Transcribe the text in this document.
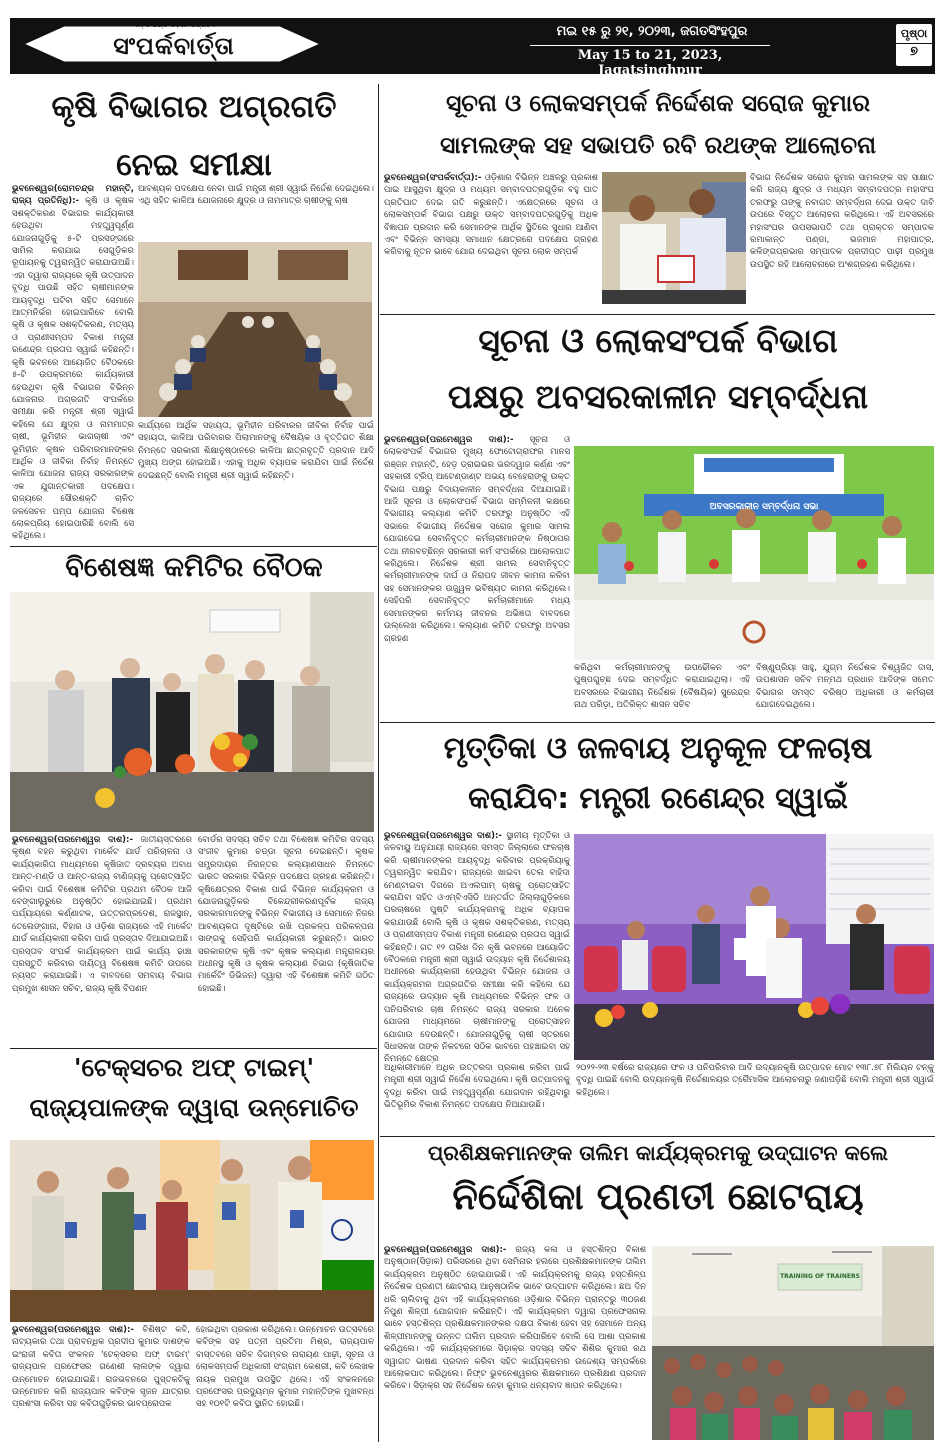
ଏମ୍ ଓ ଅଣ୍ଡ ଓଡ଼ିଶା ସାପ୍ତାହିକ
ସଂପର୍କବାର୍ତ୍ତା
ମଇ ୧୫ ରୁ ୨୧, ୨୦୨୩, ଜଗତସିଂହପୁର
May 15 to 21, 2023, Jagatsinghpur
ପୃଷ୍ଠା
୭
କୃଷି ବିଭାଗର ଅଗ୍ରଗତି
ନେଇ ସମୀକ୍ଷା
ଭୁବନେଶ୍ୱର(ରୋମଚନ୍ଦ୍ର ମହାନ୍ତି, ରାଜ୍ୟ ପ୍ରତିନିଧି):- କୃଷି ଓ କୃଷକ ସଶକ୍ତିକରଣ ବିଭାଗର କାର୍ଯ୍ୟକାରୀ ହେଉଥିବା ମହତ୍ତ୍ୱପୂର୍ଣ୍ଣ ଯୋଜନାଗୁଡ଼ିକୁ ୫-ଟି ପ୍ରସଙ୍ଗରେ ସାମିଲ କରାଯାଇ ସେଗୁଡ଼ିକର ରୂପାୟନକୁ ତ୍ୱରାନ୍ୱିତ କରାଯାଉଅଛି। ଏହା ଦ୍ୱାରା ରାଜ୍ୟରେ କୃଷି ଉତ୍ପାଦନ ବୃଦ୍ଧି ପାଉଛି ସହିତ ଚାଷୀମାନଙ୍କ ଆୟବୃଦ୍ଧି ଘଟିବା ସହିତ ସେମାନେ ଆତ୍ମନିର୍ଭର ହୋଇପାରିବେ ବୋଲି କୃଷି ଓ କୃଷକ ସଶକ୍ତିକରଣ, ମତ୍ସ୍ୟ ଓ ପ୍ରାଣୀସମ୍ପଦ ବିକାଶ ମନ୍ତ୍ରୀ ରଣେନ୍ଦ୍ର ପ୍ରତାପ ସ୍ୱାଇଁ କହିଛନ୍ତି। କୃଷି ଭବନରେ ଆୟୋଜିତ ବୈଠକରେ ୫-ଟି ଉପକ୍ରମରେ କାର୍ଯ୍ୟକାରୀ ହେଉଥିବା କୃଷି ବିଭାଗର ବିଭିନ୍ନ ଯୋଜନାର ଅଗ୍ରଗତି ସଂପର୍କରେ ସମୀକ୍ଷା କରି ମନ୍ତ୍ରୀ ଶ୍ରୀ ସ୍ୱାଇଁ କହିଲେ ଯେ କ୍ଷୁଦ୍ର ଓ ନାମମାତ୍ର ଚାଷୀ, ଭୂମିହୀନ ଭାଗଚାଷୀ ଏବଂ ଭୂମିହୀନ କୃଷକ ପରିବାରମାନଙ୍କର ଆର୍ଥିକ ଓ ଜୀବିକା ନିର୍ବାହ ନିମନ୍ତେ କାଳିଆ ଯୋଜନା ରାଜ୍ୟ ସରକାରଙ୍କ ଏକ ଯୁଗାନ୍ତକାରୀ ପଦକ୍ଷେପ। ରାଜ୍ୟରେ ସୌରଶକ୍ତି ଚାଳିତ ଜଳସେଚନ ପମ୍ପ ଯୋଜନା ବିଶେଷ ଲୋକପ୍ରିୟ ହୋଇପାରିଛି ବୋଲି ସେ କହିଥିଲେ।
ଆବଶ୍ୟକ ପଦକ୍ଷେପ ନେବା ପାଇଁ ମନ୍ତ୍ରୀ ଶ୍ରୀ ସ୍ୱାଇଁ ନିର୍ଦ୍ଦେଶ ଦେଇଥିଲେ। ଏଥି ସହିତ କାଳିଆ ଯୋଜନାରେ କ୍ଷୁଦ୍ର ଓ ନାମମାତ୍ର ଚାଷୀଙ୍କୁ ଚାଷ
କାର୍ଯ୍ୟରେ ଆର୍ଥିକ ସହାୟତା, ଭୂମିହୀନ ପରିବାରର ଜୀବିକା ନିର୍ବାହ ପାଇଁ ସହାୟତା, କାଳିଆ ପରିବାରର ପିଲାମାନଙ୍କୁ ବୈଷୟିକ ଓ ବୃତ୍ତିଗତ ଶିକ୍ଷା ନିମନ୍ତେ ସରକାରୀ ଶିକ୍ଷାନୁଷ୍ଠାନରେ କାଳିଆ ଛାତ୍ରବୃତ୍ତି ପ୍ରଦାନ ଆଦି ମୁଖ୍ୟ ଅଙ୍ଗ ହୋଇଅଛି। ଏହାକୁ ଅଧିକ ବ୍ୟାପକ କରାଯିବା ପାଇଁ ନିର୍ଦ୍ଦେଶ ଦେଇଛନ୍ତି ବୋଲି ମନ୍ତ୍ରୀ ଶ୍ରୀ ସ୍ୱାଇଁ କହିଛନ୍ତି।
ବିଶେଷଜ୍ଞ କମିଟିର ବୈଠକ
ଭୁବନେଶ୍ୱର(ପରମେଶ୍ୱର ଦାଶ):- ଜାତୀୟସ୍ତରରେ କୃଷ୍ଣ ବହନ କରୁଥିବା ମାର୍କେଟ ଯାର୍ଡ ପରିଚାଳନା ଓ କାର୍ଯ୍ୟକାରିତା ମାଧ୍ୟମରେ କୃଷିଜାତ ଦ୍ରବ୍ୟର ଅବାଧ ଆନ୍ତ-ମଣ୍ଡି ଓ ଆନ୍ତ-ରାଜ୍ୟ ବାଣିଜ୍ୟକୁ ପ୍ରୋତ୍ସାହିତ କରିବା ପାଇଁ ବିଶେଷଜ୍ଞ କମିଟିର ପ୍ରଥମ ବୈଠକ ଆଜି ବେଙ୍ଗାଲୁରୁରେ ଅନୁଷ୍ଠିତ ହୋଇଯାଇଛି। ପ୍ରଥମ ପର୍ଯ୍ୟାୟରେ କର୍ଣ୍ଣାଟକ, ଉତ୍ତରପ୍ରଦେଶ, ରାଜସ୍ଥାନ, ତେଲେଙ୍ଗାନା, ବିହାର ଓ ଓଡ଼ିଶା ରାଜ୍ୟରେ ଏହି ମାର୍କେଟ ଯାର୍ଡ କାର୍ଯ୍ୟକାରୀ କରିବା ପାଇଁ ପ୍ରସ୍ତାବ ଦିଆଯାଇଅଛି। ପ୍ରସ୍ତାବ ସଂପର୍କ କାର୍ଯ୍ୟକ୍ରମ ପାଇଁ କାର୍ଯ୍ୟ ଢାଞ୍ଚା ପ୍ରସ୍ତୁତି କରିବାର ଦାୟିତ୍ୱ ବିଶେଷଜ୍ଞ କମିଟି ଉପରେ ନ୍ୟସ୍ତ କରାଯାଇଛି। ଏ ବାବଦରେ ସମବାୟ ବିଭାଗ ପ୍ରମୁଖ ଶାସନ ସଚିବ, ରାଜ୍ୟ କୃଷି ବିପଣନ
ବୋର୍ଡର ସଦସ୍ୟ ସଚିବ ତଥା ବିଶେଷଜ୍ଞ କମିଟିର ସଦସ୍ୟ ସଂଜୀବ କୁମାର ଚଡ୍ଡା ସୂଚନା ଦେଇଛନ୍ତି। କୃଷକ ସମ୍ପ୍ରଦାୟର ନିରନ୍ତର କଲ୍ୟାଣସାଧନ ନିମନ୍ତେ ଭାରତ ସରକାର ବିଭିନ୍ନ ପଦକ୍ଷେପ ଗ୍ରହଣ କରିଛନ୍ତି। କୃଷିକ୍ଷେତ୍ରର ବିକାଶ ପାଇଁ ବିଭିନ୍ନ କାର୍ଯ୍ୟକ୍ରମ ଓ ଯୋଜନାଗୁଡ଼ିକର ବିକେନ୍ଦ୍ରୀକରଣପୂର୍ବକ ରାଜ୍ୟ ସରକାରମାନଙ୍କୁ ବିଭିନ୍ନ ବିଭାଗୀୟ ଓ ସେମାନେ ନିଜର ଆବଶ୍ୟକତା ଦୃଷ୍ଟିରେ ରଖି ପ୍ରକଳ୍ପ ପରିକଳ୍ପନା ସାଙ୍ଗକୁ ସେହିପରି କାର୍ଯ୍ୟକାରୀ କରୁଛନ୍ତି। ଭାରତ ସରକାରଙ୍କ କୃଷି ଏବଂ କୃଷକ କଲ୍ୟାଣ ମନ୍ତ୍ରାଳୟର ଅଧୀନସ୍ଥ କୃଷି ଓ କୃଷକ କଲ୍ୟାଣ ବିଭାଗ (କୃଷିଜାତିକ ମାର୍କେଟିଂ ଡିଭିଜନ) ଦ୍ୱାରା ଏହି ବିଶେଷଜ୍ଞ କମିଟି ଗଠିତ ହୋଇଛି।
'ଟେକ୍ସଚର ଅଫ୍ ଟାଇମ୍'
ରାଜ୍ୟପାଳଙ୍କ ଦ୍ୱାରା ଉନ୍ମୋଚିତ
ଭୁବନେଶ୍ୱର(ପରମେଶ୍ୱର ଦାଶ):- ବିଶିଷ୍ଟ କବି, ନାଟ୍ୟକାର ତଥା ପ୍ରାବନ୍ଧିକ ପ୍ରଦୀପ କୁମାର ଦାଶଙ୍କ ଇଂରାଜୀ କବିତା ସଂକଳନ 'ଟେକ୍ସଚର ଅଫ୍ ଟାଇମ୍' ରାଜ୍ୟପାଳ ପ୍ରଫେସର ଗଣେଶୀ ଲାଲଙ୍କ ଦ୍ୱାରା ଉନ୍ମୋଚନ ହୋଇଯାଇଛି। ରାଜଭବନରେ ପୁସ୍ତକଟିକୁ ଉନ୍ମୋଚନ କରି ରାଜ୍ୟପାଳ କବିଙ୍କ ସୃଜନ ଯାତ୍ରାର ପ୍ରଶଂସା କରିବା ସହ କବିତାଗୁଡ଼ିକର ଭାବପ୍ରୋପକ
ହୋଇଥିବା ପ୍ରକାଶ କରିଥିଲେ। ଉନ୍ମୋଚନ ଉତ୍ସବରେ କବିଙ୍କ ସହ ପତ୍ନୀ ପ୍ରତିମା ମିଶ୍ର, ରାଜ୍ୟପାଳ ବାସ୍ତବରେ ସଚିବ ଦିଗମ୍ବର ନାରାୟଣ ପାଢ଼ୀ, ସୂଚନା ଓ ଲୋକସମ୍ପର୍କ ଅଧିକାରୀ ସଂଗ୍ରାମ କେଶରୀ, କବି ଲେଖକ ନାୟକ ପ୍ରମୁଖ ଉପସ୍ଥିତ ଥିଲେ। ଏହି ସଂକଳନରେ ପ୍ରଫେସର ପ୍ରଦ୍ୟୁମ୍ନ କୁମାର ମହାନ୍ତିଙ୍କ ମୁଖବନ୍ଧ ସହ ୧୦୧ଟି କବିତା ସ୍ଥାନିତ ହୋଇଛି।
ସୂଚନା ଓ ଲୋକସମ୍ପର୍କ ନିର୍ଦ୍ଦେଶକ ସରୋଜ କୁମାର
ସାମଲଙ୍କ ସହ ସଭାପତି ରବି ରଥଙ୍କ ଆଲୋଚନା
ଭୁବନେଶ୍ୱର(ସଂପର୍କବାର୍ତ୍ତା):- ଓଡ଼ିଶାର ବିଭିନ୍ନ ଅଞ୍ଚଳରୁ ପ୍ରକାଶ ପାଇ ଆସୁଥିବା କ୍ଷୁଦ୍ର ଓ ମଧ୍ୟମ ସମ୍ବାଦପତ୍ରଗୁଡ଼ିକ ବହୁ ଘାତ ପ୍ରତିଘାତ ଦେଇ ଗତି କରୁଛନ୍ତି। ଏକ୍ଷେତ୍ରରେ ସୂଚନା ଓ ଲୋକସମ୍ପର୍କ ବିଭାଗ ପକ୍ଷରୁ ଉକ୍ତ ସମ୍ବାଦପତ୍ରଗୁଡ଼ିକୁ ଅଧିକ ବିଜ୍ଞାପନ ପ୍ରଦାନ କରି ସେମାନଙ୍କ ଆର୍ଥିକ ସ୍ଥିତିରେ ସୁଧାର ଆଣିବା ଏବଂ ବିଭିନ୍ନ ସମସ୍ୟା ସମାଧାନ କ୍ଷେତ୍ରରେ ପଦକ୍ଷେପ ଗ୍ରହଣ କରିବାକୁ ନୂତନ ଭାବେ ଯୋଗ ଦେଇଥିବା ସୂଚନା ଲୋକ ସମ୍ପର୍କ
ବିଭାଗ ନିର୍ଦ୍ଦେଶକ ସରୋଜ କୁମାର ସାମଲଙ୍କ ସହ ସାକ୍ଷାତ କରି ରାଜ୍ୟ କ୍ଷୁଦ୍ର ଓ ମଧ୍ୟମ ସମ୍ବାଦପତ୍ର ମହାସଂଘ ତରଫରୁ ତାଙ୍କୁ ନବାଗତ ସମ୍ବର୍ଦ୍ଧନା ଦେଇ ଉକ୍ତ ଦାବି ଉପରେ ବିସ୍ତୃତ ଆଲୋଚନା କରିଥିଲେ। ଏହି ଅବସରରେ ମହାସଂଘର ଉପସଭାପତି ତଥା ପ୍ରାକ୍ତନ ସମ୍ପାଦକ ରମାକାନ୍ତ ପଣ୍ଡା, ଭଜମାନ ମହାପାତ୍ର, କଳିଙ୍ଗପ୍ରଭାର ସମ୍ପାଦକ ପ୍ରଦୀପ୍ତ ପାଢ଼ୀ ପ୍ରମୁଖ ଉପସ୍ଥିତ ରହି ଆଲୋଚନାରେ ଅଂଶଗ୍ରହଣ କରିଥିଲେ।
ସୂଚନା ଓ ଲୋକସଂପର୍କ ବିଭାଗ
ପକ୍ଷରୁ ଅବସରକାଳୀନ ସମ୍ବର୍ଦ୍ଧନା
ଭୁବନେଶ୍ୱର(ପରମେଶ୍ୱର ଦାଶ):- ସୂଚନା ଓ ଲୋକସଂପର୍କ ବିଭାଗର ମୁଖ୍ୟ ଫୋଟୋଗ୍ରାଫର ମାନସ ରଞ୍ଜନ ମହାନ୍ତି, ହେଡ଼ ଡ୍ରାଇଭର ଭରଦ୍ୱାଜ କର୍ଣ୍ଣ ଏବଂ ସହକାରୀ ଟ୍ରିପ୍ ଆଟେଣ୍ଡାଣ୍ଟ ଅଭୟ ବେହେରାଙ୍କୁ ଉକ୍ତ ବିଭାଗ ପକ୍ଷରୁ ବିଦାୟକାଳୀନ ସମ୍ବର୍ଦ୍ଧନା ଦିଆଯାଇଛି। ଆଜି ସୂଚନା ଓ ଲୋକସଂପର୍କ ବିଭାଗ ସମ୍ମିଳନୀ କକ୍ଷରେ ବିଭାଗୀୟ କଲ୍ୟାଣ କମିଟି ତରଫରୁ ଅନୁଷ୍ଠିତ ଏହି ସଭାରେ ବିଭାଗୀୟ ନିର୍ଦ୍ଦେଶକ ସରୋଜ କୁମାର ସାମଲ ଯୋଗଦେଇ ସେବାନିବୃତ୍ତ କର୍ମଚାରୀମାନଙ୍କ ନିଷ୍ଠାପର ତଥା ନୀରବଚ୍ଛିନ୍ନ ସରକାରୀ କର୍ମ ସଂପର୍କରେ ଆଲୋକପାତ କରିଥିଲେ। ନିର୍ଦ୍ଦେଶକ ଶ୍ରୀ ସାମଲ ସେବାନିବୃତ୍ତ କର୍ମଚାରୀମାନଙ୍କ ଦାର୍ଘ ଓ ନିରାପଦ ଜୀବନ କାମନା କରିବା ସହ ସେମାନଙ୍କର ଉଜ୍ଜ୍ୱଳ ଭବିଷ୍ୟତ କାମନା କରିଥିଲେ। ସେହିପରି ସେବାନିବୃତ୍ତ କର୍ମଚାରୀମାନେ ମଧ୍ୟ ସେମାନଙ୍କର କର୍ମମୟ ଜୀବନର ଅଭିଜ୍ଞତା ବାବଦରେ ଉଲ୍ଲେଖ କରିଥିଲେ। କଲ୍ୟାଣ କମିଟି ତରଫରୁ ଅବସର ଗ୍ରହଣ
ଅବସରକାଳୀନ ସମ୍ବର୍ଦ୍ଧନା ସଭା
କରିଥିବା କର୍ମଚାରୀମାନଙ୍କୁ ଉପଢୌକନ ଏବଂ ପୁଷ୍ପଗୁଚ୍ଛ ଦେଇ ସମ୍ବର୍ଦ୍ଧିତ କରାଯାଇଥିଲା। ଏହି ଅବସରରେ ବିଭାଗୀୟ ନିର୍ଦ୍ଦେଶକ (ବୈଷୟିକ) ସୁରେନ୍ଦ୍ର ନାଥ ପରିଡ଼ା, ଅତିରିକ୍ତ ଶାସନ ସଚିବ
ବିଷ୍ଣୁପ୍ରିୟା ସାହୁ, ଯୁଗ୍ମ ନିର୍ଦ୍ଦେଶକ ବିଶ୍ୱଜିତ ଦାସ, ଉପଶାସନ ସଚିବ ମନ୍ମଥ ପ୍ରଧାନ ଆଦିଙ୍କ ସମେତ ବିଭାଗର ସମସ୍ତ ବରିଷ୍ଠ ଅଧିକାରୀ ଓ କର୍ମଚାରୀ ଯୋଗଦେଇଥିଲେ।
ମୃତ୍ତିକା ଓ ଜଳବାୟ ଅନୁକୂଳ ଫଳଚାଷ
କରାଯିବ: ମନ୍ତ୍ରୀ ରଣେନ୍ଦ୍ର ସ୍ୱାଇଁ
ଭୁବନେଶ୍ୱର(ପରମେଶ୍ୱର ଦାଶ):- ସ୍ଥାନୀୟ ମୃତ୍ତିକା ଓ ଜଳବାୟୁ ଅନୁଯାୟୀ ରାଜ୍ୟରେ ସମସ୍ତ ଜିଲ୍ଲାରେ ଫଳଚାଷ କରି ଚାଷୀମାନଙ୍କର ଆୟବୃଦ୍ଧି କରିବାର ପ୍ରକ୍ରିୟାକୁ ତ୍ୱରାନ୍ୱିତ କରାଯିବ। ରାଜ୍ୟରେ ଖାଇବା ତେଲ ବାହିଦା ମେଣ୍ଟାଇବା ଦିଗରେ ଅଏଲପାମ୍ ଚାଷକୁ ପ୍ରୋତ୍ସାହିତ କରାଯିବା ସହିତ ଓଏମ୍‌ବିଏସିଡି ଅନ୍ତର୍ଗତ ଜିଲ୍ଲାଗୁଡ଼ିକରେ ଘରଚାଷରେ ପୁଷ୍ଟି କାର୍ଯ୍ୟକ୍ରମକୁ ଅଧିକ ବ୍ୟାପକ କରାଯାଉଛି ବୋଲି କୃଷି ଓ କୃଷକ ସଶକ୍ତିକରଣ, ମତ୍ସ୍ୟ ଓ ପ୍ରାଣୀସମ୍ପଦ ବିକାଶ ମନ୍ତ୍ରୀ ରଣେନ୍ଦ୍ର ପ୍ରତାପ ସ୍ୱାଇଁ କହିଛନ୍ତି। ଗତ ୧୨ ତାରିଖ ଦିନ କୃଷି ଭବନରେ ଆୟୋଜିତ ବୈଠକରେ ମନ୍ତ୍ରୀ ଶ୍ରୀ ସ୍ୱାଇଁ ଉଦ୍ୟାନ କୃଷି ନିର୍ଦ୍ଦେଶାଳୟ ଅଧୀନରେ କାର୍ଯ୍ୟକାରୀ ହେଉଥିବା ବିଭିନ୍ନ ଯୋଜନା ଓ କାର୍ଯ୍ୟକ୍ରମର ଅଗ୍ରଗତିର ସମୀକ୍ଷା କରି କହିଲେ ଯେ ରାଜ୍ୟରେ ଉଦ୍ୟାନ କୃଷି ମାଧ୍ୟମରେ ବିଭିନ୍ନ ଫଳ ଓ ପନିପରିବାର ଚାଷ ନିମନ୍ତେ ରାଜ୍ୟ ସରକାର ଅନେକ ଯୋଜନା ମାଧ୍ୟମରେ ଚାଷୀମାନଙ୍କୁ ପ୍ରୋତ୍ସାହନ ଯୋଗାଉ ଦେଉଛନ୍ତି। ଯୋଜନାଗୁଡ଼ିକୁ ଚାଷୀ ସ୍ତରରେ ସିଧାସଳଖ ତାଙ୍କ ନିକଟରେ ସଠିକ ଭାବରେ ପହଞ୍ଚାଇବା ସହ ନିମନ୍ତେ କ୍ଷେତ୍ର
ଅଧିକାରୀମାନେ ଅଧିକ ଉତ୍ତରଦା ପ୍ରକାଶ କରିବା ପାଇଁ ମନ୍ତ୍ରୀ ଶ୍ରୀ ସ୍ୱାଇଁ ନିର୍ଦ୍ଦେଶ ଦେଇଥିଲେ। କୃଷି ଉତ୍ପାଦନକୁ ବୃଦ୍ଧି କରିବା ପାଇଁ ମହତ୍ତ୍ୱପୂର୍ଣ୍ଣ ଯୋଗଦାନ ରହିଥିବାରୁ ଭିତିଭୂମିର ବିକାଶ ନିମନ୍ତେ ପଦକ୍ଷେପ ନିଆଯାଉଛି।
୨୦୨୨-୨୩ ବର୍ଷରେ ରାଜ୍ୟରେ ଫଳ ଓ ପନିପରିବାର ଆଦି ଉଦ୍ୟାନକୃଷି ଉତ୍ପାଦନ ମୋଟ ୧୩୮.୭୮ ମିଲିୟନ ଟନ୍‌କୁ ବୃଦ୍ଧି ପାଇଛି ବୋଲି ଉଦ୍ୟାନକୃଷି ନିର୍ଦ୍ଦେଶାଳୟର ତ୍ରୈମାସିକ ଆଲୋଚନାରୁ ଜଣାପଡ଼ିଛି ବୋଲି ମନ୍ତ୍ରୀ ଶ୍ରୀ ସ୍ୱାଇଁ କହିଥିଲେ।
ପ୍ରଶିକ୍ଷକମାନଙ୍କ ତାଲିମ କାର୍ଯ୍ୟକ୍ରମକୁ ଉଦ୍‌ଘାଟନ କଲେ
ନିର୍ଦ୍ଦେଶିକା ପ୍ରଣତୀ ଛୋଟରାୟ
ଭୁବନେଶ୍ୱର(ପରମେଶ୍ୱର ଦାଶ):- ରାଜ୍ୟ କଳା ଓ ହସ୍ତଶିଳ୍ପ ବିକାଶ ଅନୁଷ୍ଠାନ(ସିଡ଼ାକ) ପରିସରରେ ଥିବା ସେମିନାର ହଲରେ ପ୍ରଶିକ୍ଷକମାନଙ୍କ ତାଲିମ କାର୍ଯ୍ୟକ୍ରମ ଅନୁଷ୍ଠିତ ହୋଇଯାଇଛି। ଏହି କାର୍ଯ୍ୟକ୍ରମକୁ ରାଜ୍ୟ ହସ୍ତଶିଳ୍ପ ନିର୍ଦ୍ଦେଶକ ପ୍ରଣତୀ ଛୋଟରାୟ ଆନୁଷ୍ଠାନିକ ଭାବେ ଉଦ୍‌ଘାଟନ କରିଥିଲେ। ଛଅ ଦିନ ଧରି ଚାଲିବାକୁ ଥିବା ଏହି କାର୍ଯ୍ୟକ୍ରମରେ ଓଡ଼ିଶାର ବିଭିନ୍ନ ପ୍ରାନ୍ତରୁ ୩୦ଜଣ ନିପୁଣ ଶିଳ୍ପୀ ଯୋଗଦାନ କରିଛନ୍ତି। ଏହି କାର୍ଯ୍ୟକ୍ରମ ଦ୍ୱାରା ପ୍ରଫେସନାଲ ଭାବେ ହସ୍ତଶିଳ୍ପ ପ୍ରଶିକ୍ଷକମାନଙ୍କର ଦକ୍ଷତା ବିକାଶ ହେବା ସହ ସେମାନେ ଅନ୍ୟ ଶିଳ୍ପୀମାନଙ୍କୁ ଉନ୍ନତ ତାଲିମ ପ୍ରଦାନ କରିପାରିବେ ବୋଲି ସେ ଆଶା ପ୍ରକାଶ କରିଥିଲେ। ଏହି କାର୍ଯ୍ୟକ୍ରମରେ ସିଡ଼ାକ୍‌ର ସଦସ୍ୟ ସଚିବ ଶିଶିର କୁମାର ରଥ ସ୍ୱାଗତ ଭାଷଣ ପ୍ରଦାନ କରିବା ସହିତ କାର୍ଯ୍ୟକ୍ରମର ଉଦ୍ଦେଶ୍ୟ ସମ୍ପର୍କରେ ଆଲୋକପାତ କରିଥିଲେ। ନିଫ୍ଟ ଭୁବନେଶ୍ୱରର ଶିକ୍ଷକମାନେ ପ୍ରଶିକ୍ଷଣ ପ୍ରଦାନ କରିବେ। ସିଡ଼ାକ୍‌ର ସହ ନିର୍ଦ୍ଦେଶକ ନେହା କୁମାର ଧନ୍ୟବାଦ ଜ୍ଞାପନ କରିଥିଲେ।
TRAINING OF TRAINERS
